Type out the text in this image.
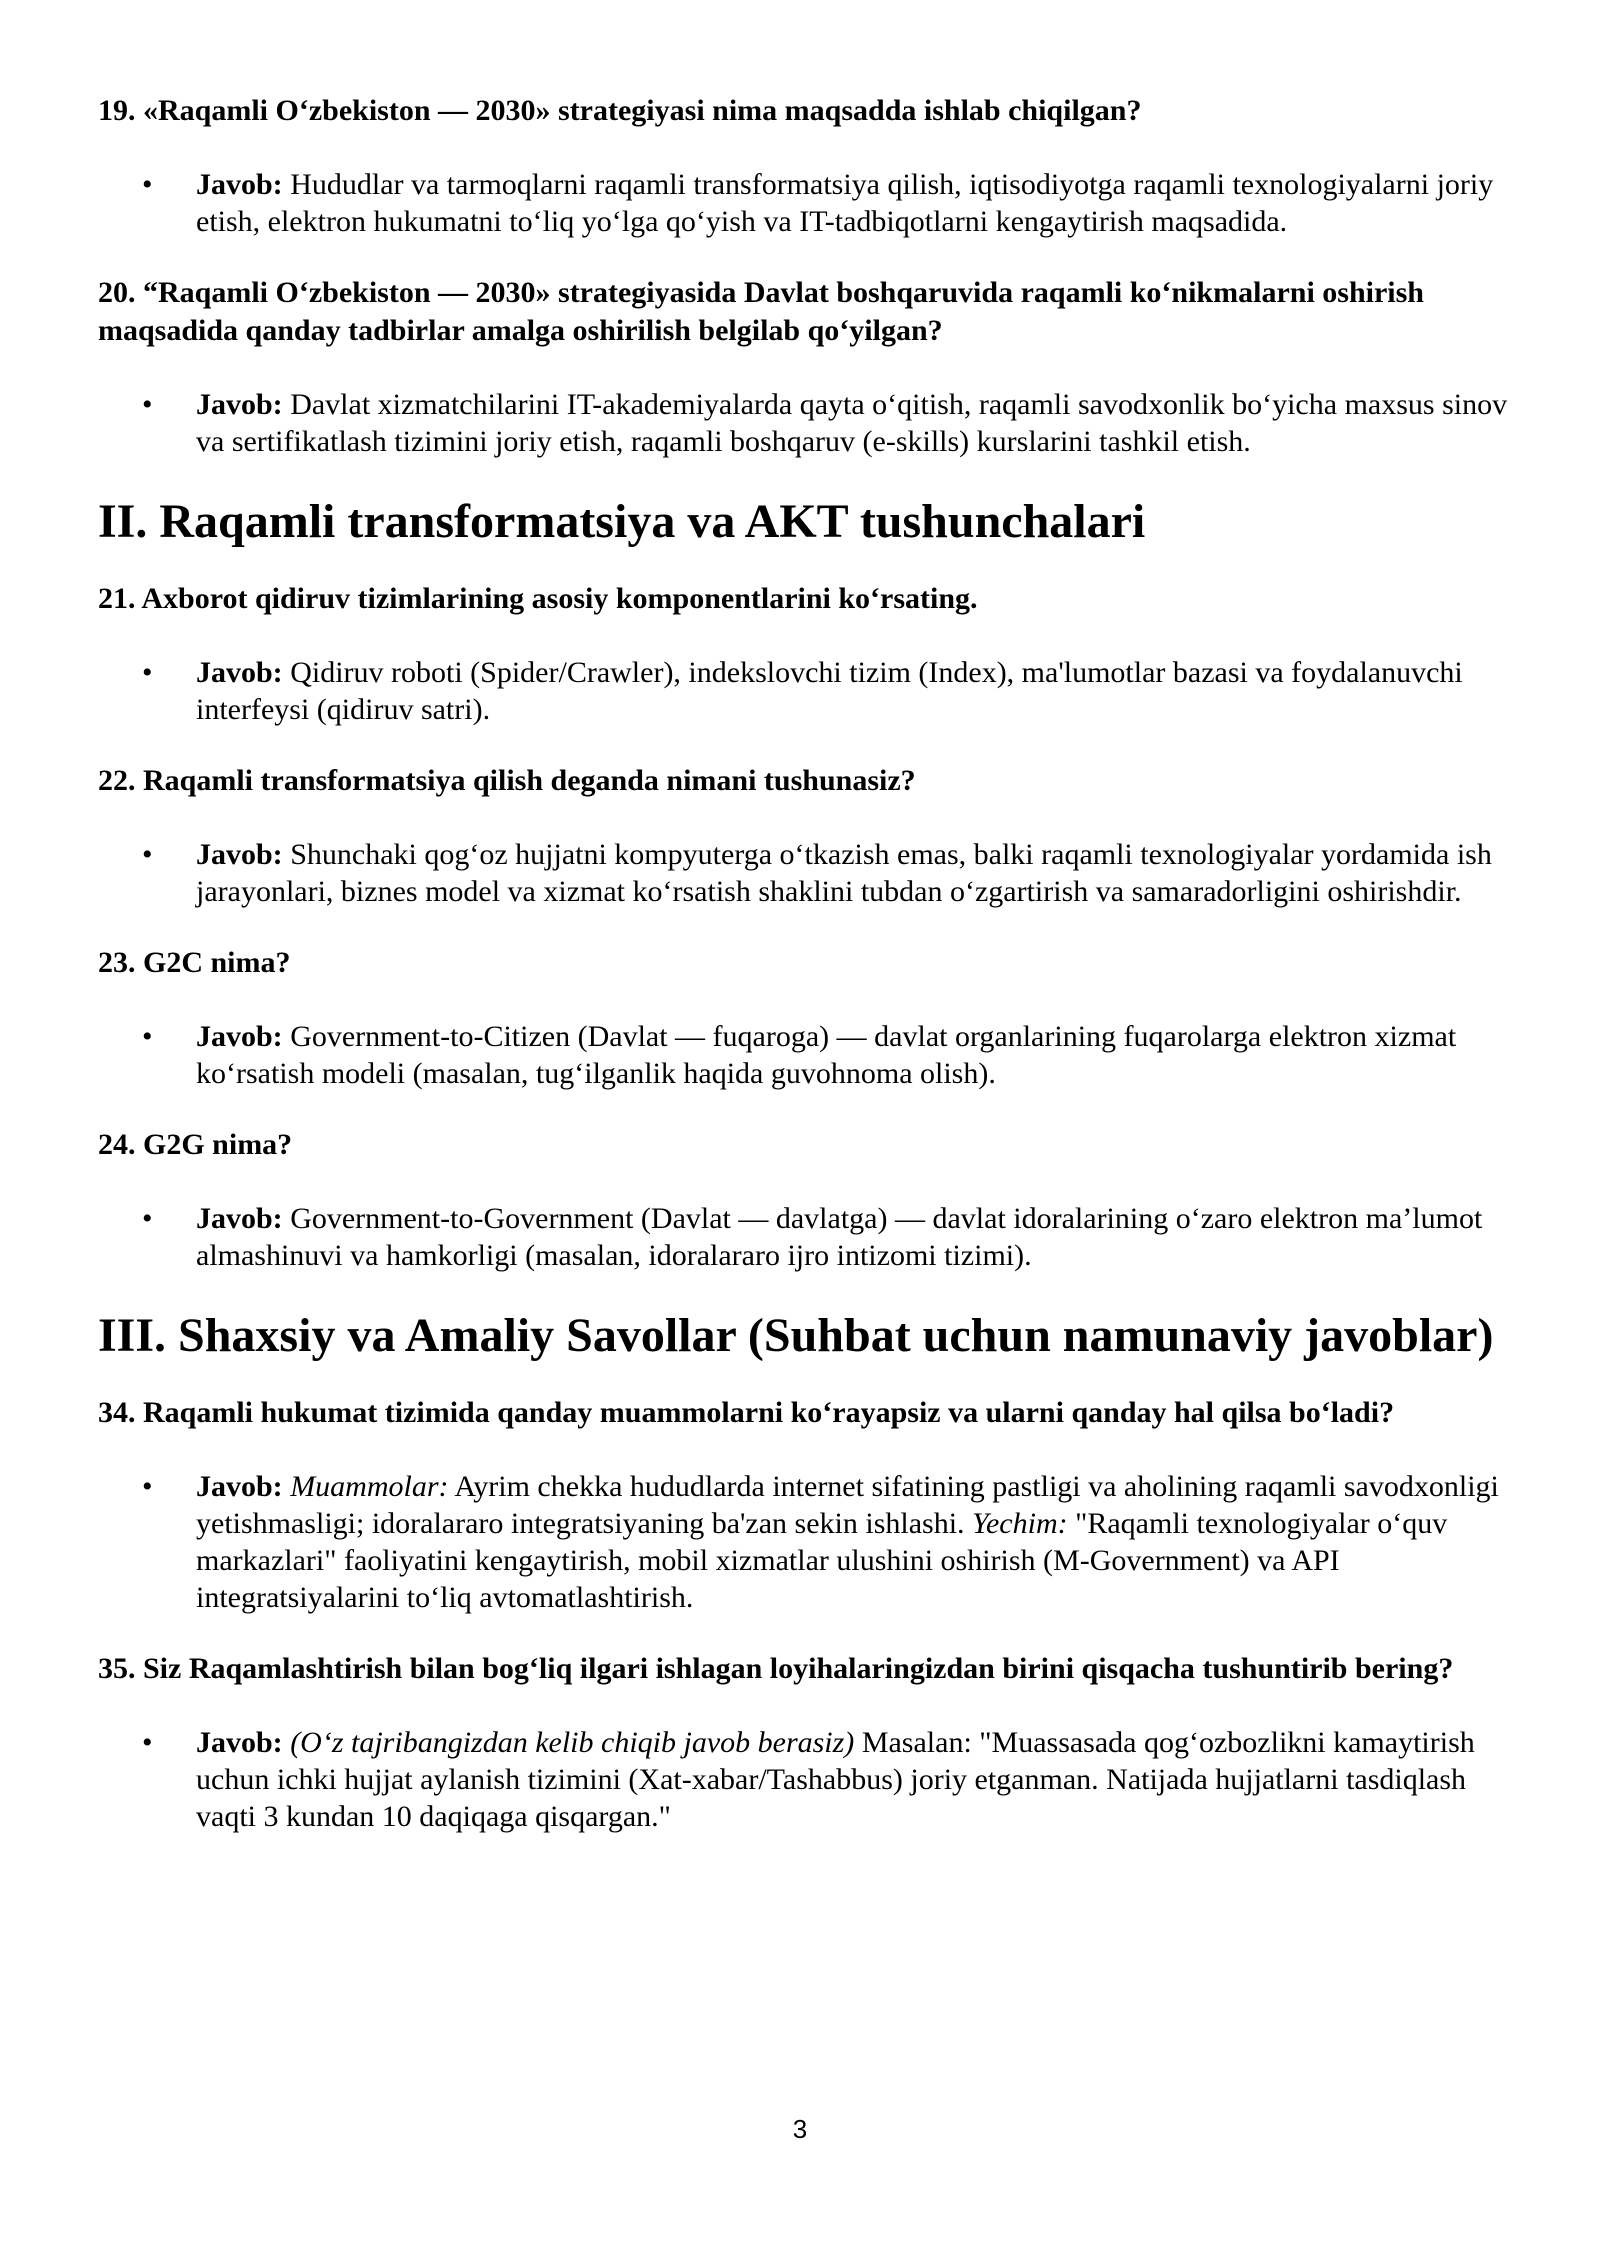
19. «Raqamli O‘zbekiston — 2030» strategiyasi nima maqsadda ishlab chiqilgan?

• Javob: Hududlar va tarmoqlarni raqamli transformatsiya qilish, iqtisodiyotga raqamli texnologiyalarni joriy etish, elektron hukumatni to‘liq yo‘lga qo‘yish va IT-tadbiqotlarni kengaytirish maqsadida.

20. “Raqamli O‘zbekiston — 2030» strategiyasida Davlat boshqaruvida raqamli ko‘nikmalarni oshirish maqsadida qanday tadbirlar amalga oshirilish belgilab qo‘yilgan?

• Javob: Davlat xizmatchilarini IT-akademiyalarda qayta o‘qitish, raqamli savodxonlik bo‘yicha maxsus sinov va sertifikatlash tizimini joriy etish, raqamli boshqaruv (e-skills) kurslarini tashkil etish.
II. Raqamli transformatsiya va AKT tushunchalari

21. Axborot qidiruv tizimlarining asosiy komponentlarini ko‘rsating.

• Javob: Qidiruv roboti (Spider/Crawler), indekslovchi tizim (Index), ma'lumotlar bazasi va foydalanuvchi interfeysi (qidiruv satri).

22. Raqamli transformatsiya qilish deganda nimani tushunasiz?

• Javob: Shunchaki qog‘oz hujjatni kompyuterga o‘tkazish emas, balki raqamli texnologiyalar yordamida ish jarayonlari, biznes model va xizmat ko‘rsatish shaklini tubdan o‘zgartirish va samaradorligini oshirishdir.

23. G2C nima?

• Javob: Government-to-Citizen (Davlat — fuqaroga) — davlat organlarining fuqarolarga elektron xizmat ko‘rsatish modeli (masalan, tug‘ilganlik haqida guvohnoma olish).

24. G2G nima?

• Javob: Government-to-Government (Davlat — davlatga) — davlat idoralarining o‘zaro elektron ma’lumot almashinuvi va hamkorligi (masalan, idoralararo ijro intizomi tizimi).
III. Shaxsiy va Amaliy Savollar (Suhbat uchun namunaviy javoblar)

34. Raqamli hukumat tizimida qanday muammolarni ko‘rayapsiz va ularni qanday hal qilsa bo‘ladi?

• Javob: Muammolar: Ayrim chekka hududlarda internet sifatining pastligi va aholining raqamli savodxonligi yetishmasligi; idoralararo integratsiyaning ba'zan sekin ishlashi. Yechim: "Raqamli texnologiyalar o‘quv markazlari" faoliyatini kengaytirish, mobil xizmatlar ulushini oshirish (M-Government) va API integratsiyalarini to‘liq avtomatlashtirish.

35. Siz Raqamlashtirish bilan bog‘liq ilgari ishlagan loyihalaringizdan birini qisqacha tushuntirib bering?

• Javob: (O‘z tajribangizdan kelib chiqib javob berasiz) Masalan: "Muassasada qog‘ozbozlikni kamaytirish uchun ichki hujjat aylanish tizimini (Xat-xabar/Tashabbus) joriy etganman. Natijada hujjatlarni tasdiqlash vaqti 3 kundan 10 daqiqaga qisqargan."
3
